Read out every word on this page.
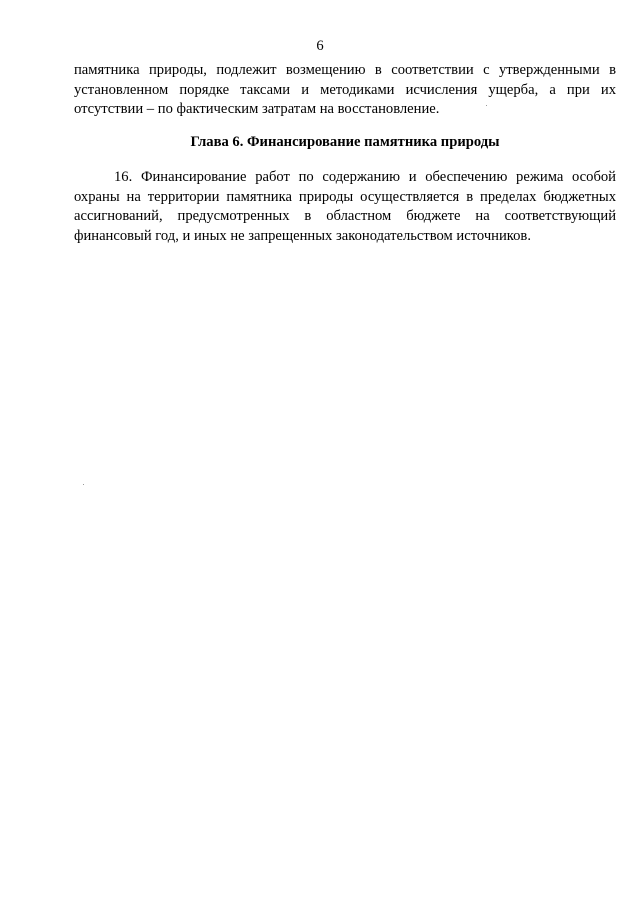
6

памятника природы, подлежит возмещению в соответствии с утвержденными в установленном порядке таксами и методиками исчисления ущерба, а при их отсутствии – по фактическим затратам на восстановление.

Глава 6. Финансирование памятника природы

16. Финансирование работ по содержанию и обеспечению режима особой охраны на территории памятника природы осуществляется в пределах бюджетных ассигнований, предусмотренных в областном бюджете на соответствующий финансовый год, и иных не запрещенных законодательством источников.
